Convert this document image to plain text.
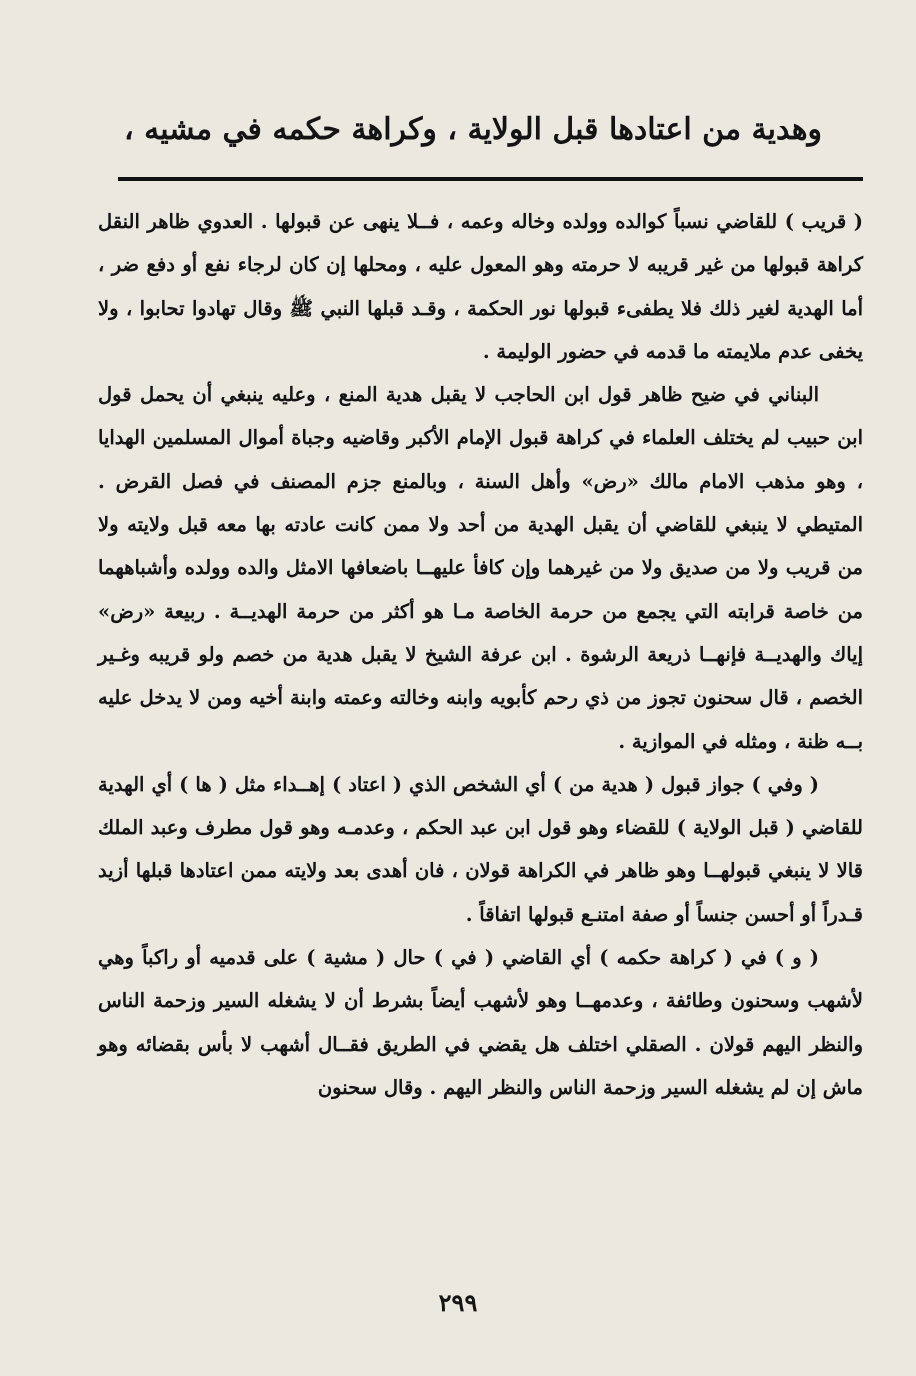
وهدية من اعتادها قبل الولاية ، وكراهة حكمه في مشيه ،

( قريب ) للقاضي نسباً كوالده وولده وخاله وعمه ، فــلا ينهى عن قبولها . العدوي ظاهر النقل كراهة قبولها من غير قريبه لا حرمته وهو المعول عليه ، ومحلها إن كان لرجاء نفع أو دفع ضر ، أما الهدية لغير ذلك فلا يطفىء قبولها نور الحكمة ، وقـد قبلها النبي ﷺ وقال تهادوا تحابوا ، ولا يخفى عدم ملايمته ما قدمه في حضور الوليمة .

البناني في ضيح ظاهر قول ابن الحاجب لا يقبل هدية المنع ، وعليه ينبغي أن يحمل قول ابن حبيب لم يختلف العلماء في كراهة قبول الإمام الأكبر وقاضيه وجباة أموال المسلمين الهدايا ، وهو مذهب الامام مالك «رض» وأهل السنة ، وبالمنع جزم المصنف في فصل القرض . المتيطي لا ينبغي للقاضي أن يقبل الهدية من أحد ولا ممن كانت عادته بها معه قبل ولايته ولا من قريب ولا من صديق ولا من غيرهما وإن كافأ عليهــا باضعافها الامثل والده وولده وأشباههما من خاصة قرابته التي يجمع من حرمة الخاصة مـا هو أكثر من حرمة الهديــة . ربيعة «رض» إياك والهديــة فإنهــا ذريعة الرشوة . ابن عرفة الشيخ لا يقبل هدية من خصم ولو قريبه وغـير الخصم ، قال سحنون تجوز من ذي رحم كأبويه وابنه وخالته وعمته وابنة أخيه ومن لا يدخل عليه بــه ظنة ، ومثله في الموازية .

( وفي ) جواز قبول ( هدية من ) أي الشخص الذي ( اعتاد ) إهــداء مثل ( ها ) أي الهدية للقاضي ( قبل الولاية ) للقضاء وهو قول ابن عبد الحكم ، وعدمـه وهو قول مطرف وعبد الملك قالا لا ينبغي قبولهــا وهو ظاهر في الكراهة قولان ، فان أهدى بعد ولايته ممن اعتادها قبلها أزيد قـدراً أو أحسن جنساً أو صفة امتنـع قبولها اتفاقاً .

( و ) في ( كراهة حكمه ) أي القاضي ( في ) حال ( مشية ) على قدميه أو راكباً وهي لأشهب وسحنون وطائفة ، وعدمهــا وهو لأشهب أيضاً بشرط أن لا يشغله السير وزحمة الناس والنظر اليهم قولان . الصقلي اختلف هل يقضي في الطريق فقــال أشهب لا بأس بقضائه وهو ماش إن لم يشغله السير وزحمة الناس والنظر اليهم . وقال سحنون

٢٩٩
